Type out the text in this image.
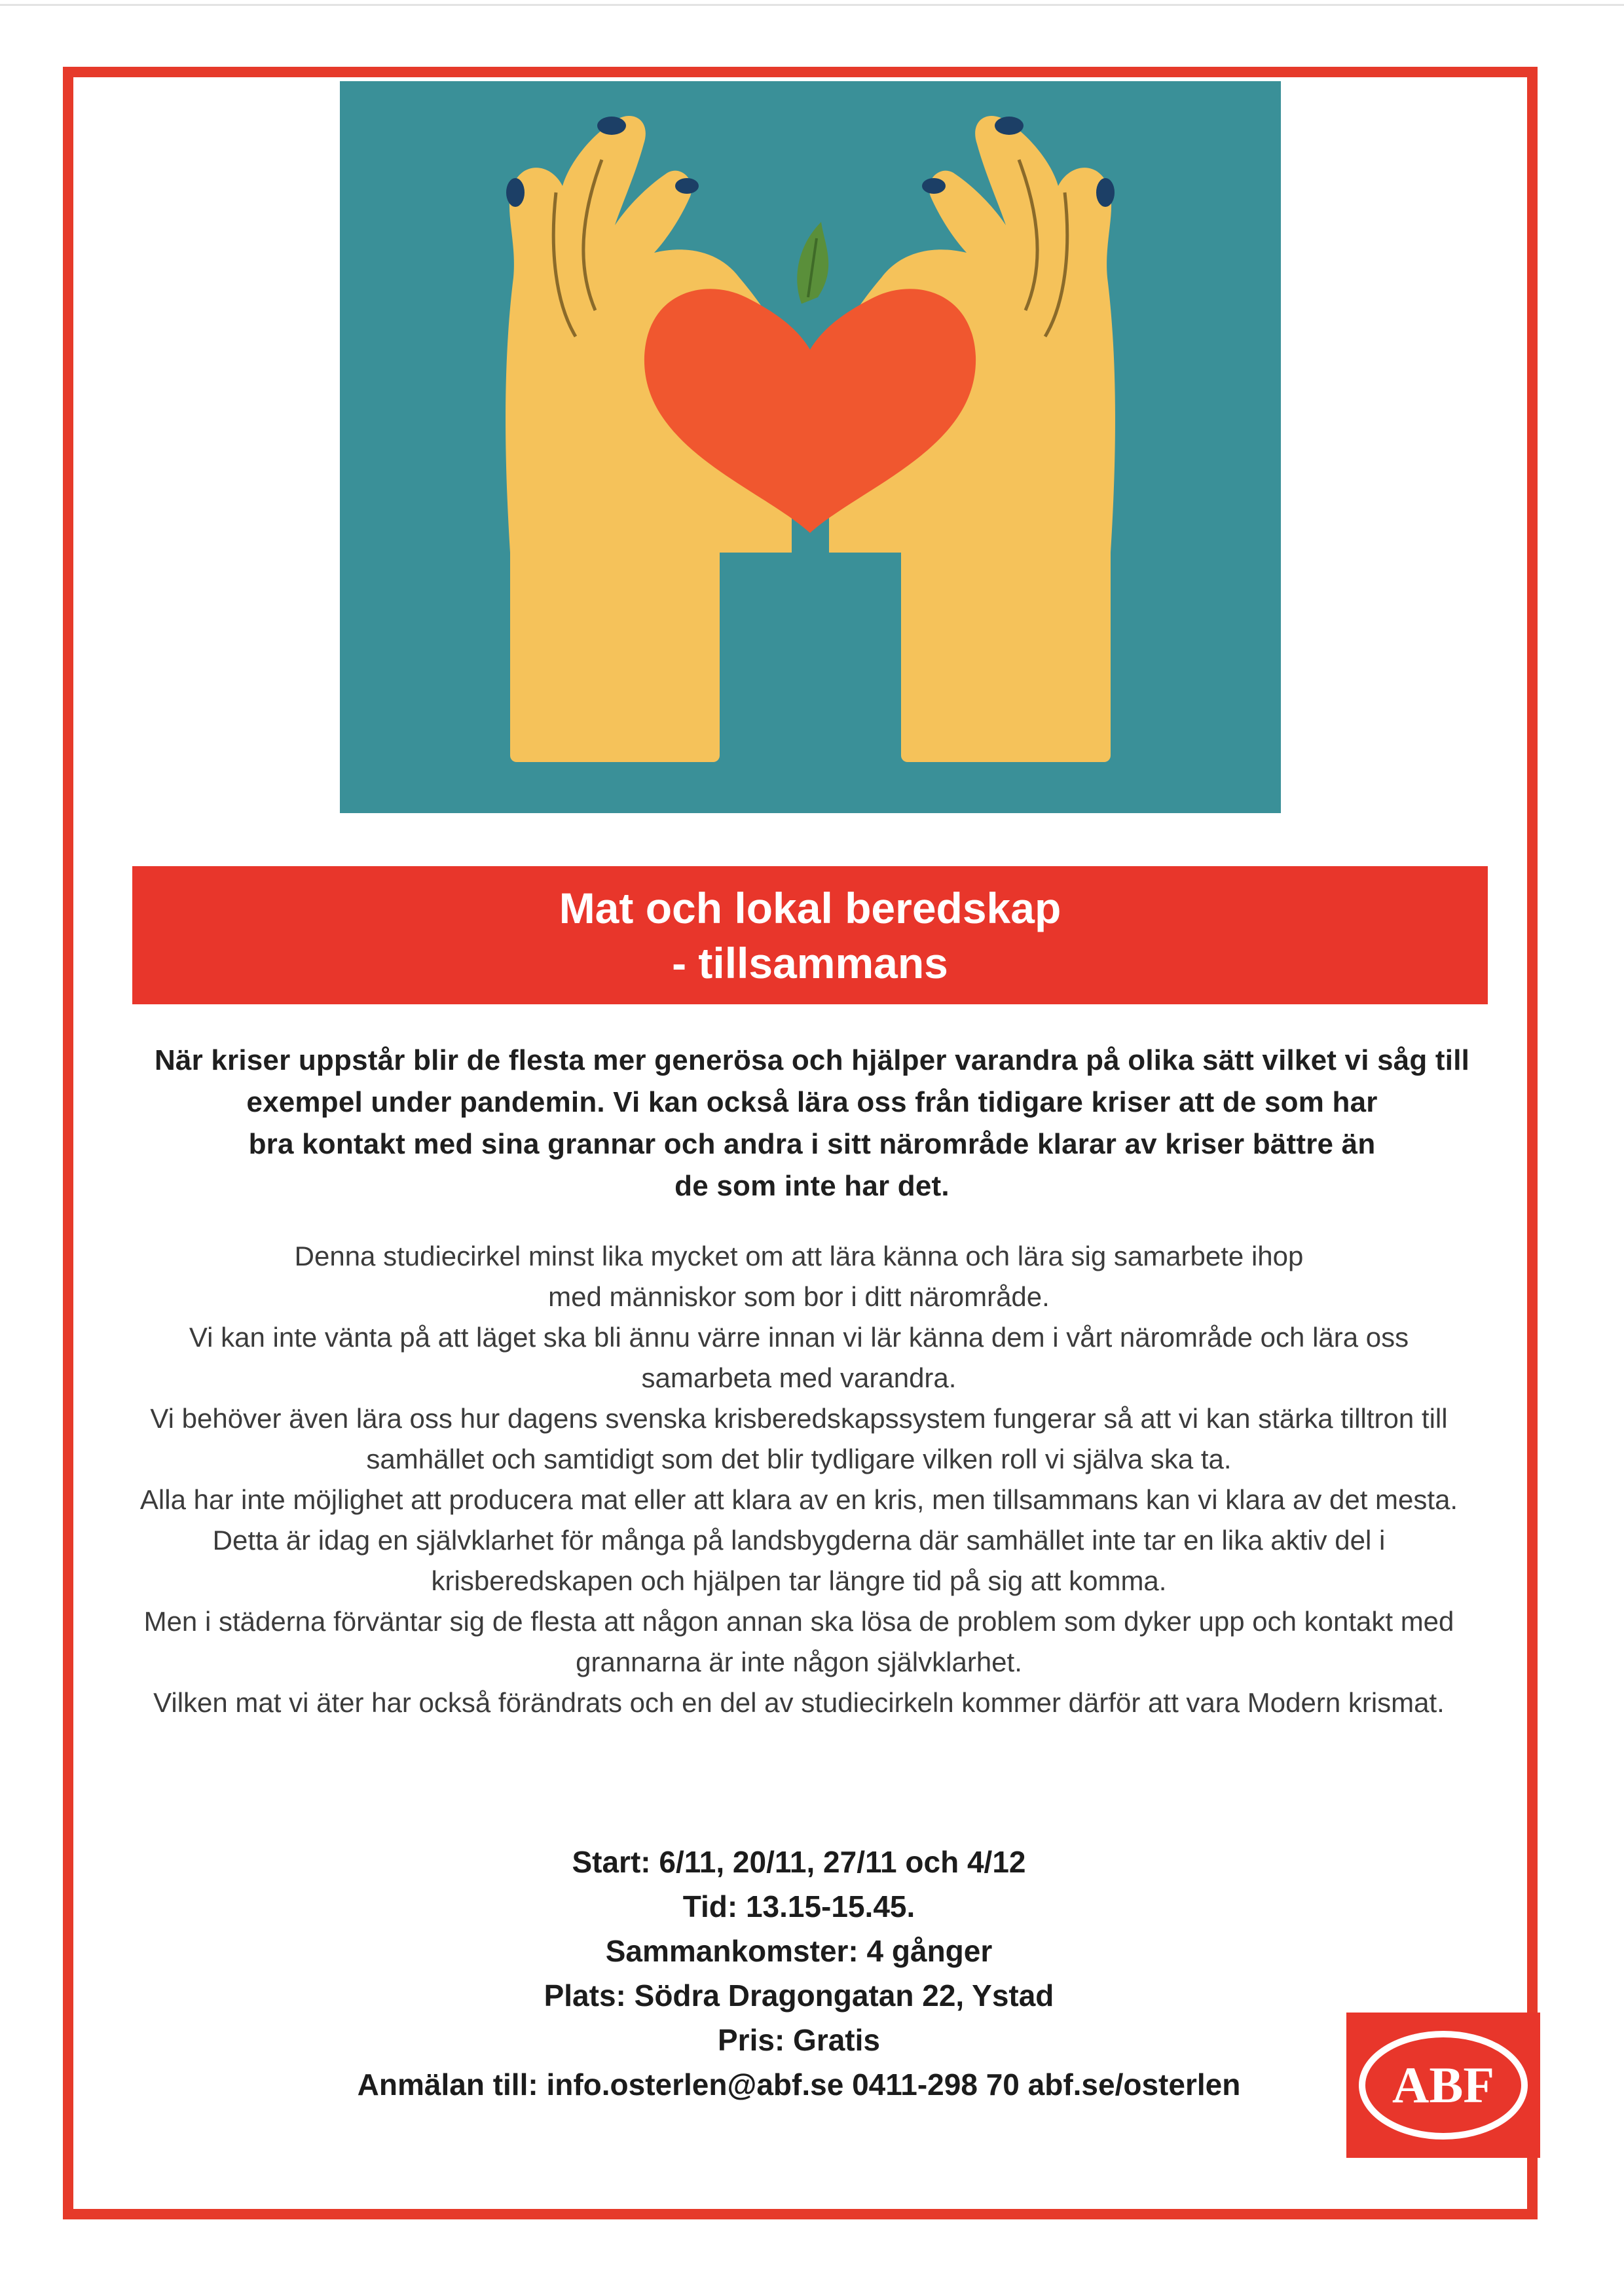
Mat och lokal beredskap
- tillsammans
När kriser uppstår blir de flesta mer generösa och hjälper varandra på olika sätt vilket vi såg till
exempel under pandemin. Vi kan också lära oss från tidigare kriser att de som har
bra kontakt med sina grannar och andra i sitt närområde klarar av kriser bättre än
de som inte har det.

Denna studiecirkel minst lika mycket om att lära känna och lära sig samarbete ihop

med människor som bor i ditt närområde.

Vi kan inte vänta på att läget ska bli ännu värre innan vi lär känna dem i vårt närområde och lära oss

samarbeta med varandra.

Vi behöver även lära oss hur dagens svenska krisberedskapssystem fungerar så att vi kan stärka tilltron till

samhället och samtidigt som det blir tydligare vilken roll vi själva ska ta.

Alla har inte möjlighet att producera mat eller att klara av en kris, men tillsammans kan vi klara av det mesta.

Detta är idag en självklarhet för många på landsbygderna där samhället inte tar en lika aktiv del i

krisberedskapen och hjälpen tar längre tid på sig att komma.

Men i städerna förväntar sig de flesta att någon annan ska lösa de problem som dyker upp och kontakt med

grannarna är inte någon självklarhet.

Vilken mat vi äter har också förändrats och en del av studiecirkeln kommer därför att vara Modern krismat.

Start: 6/11, 20/11, 27/11 och 4/12

Tid: 13.15-15.45.

Sammankomster: 4 gånger

Plats: Södra Dragongatan 22, Ystad

Pris: Gratis

Anmälan till: info.osterlen@abf.se 0411-298 70 abf.se/osterlen	ABF
